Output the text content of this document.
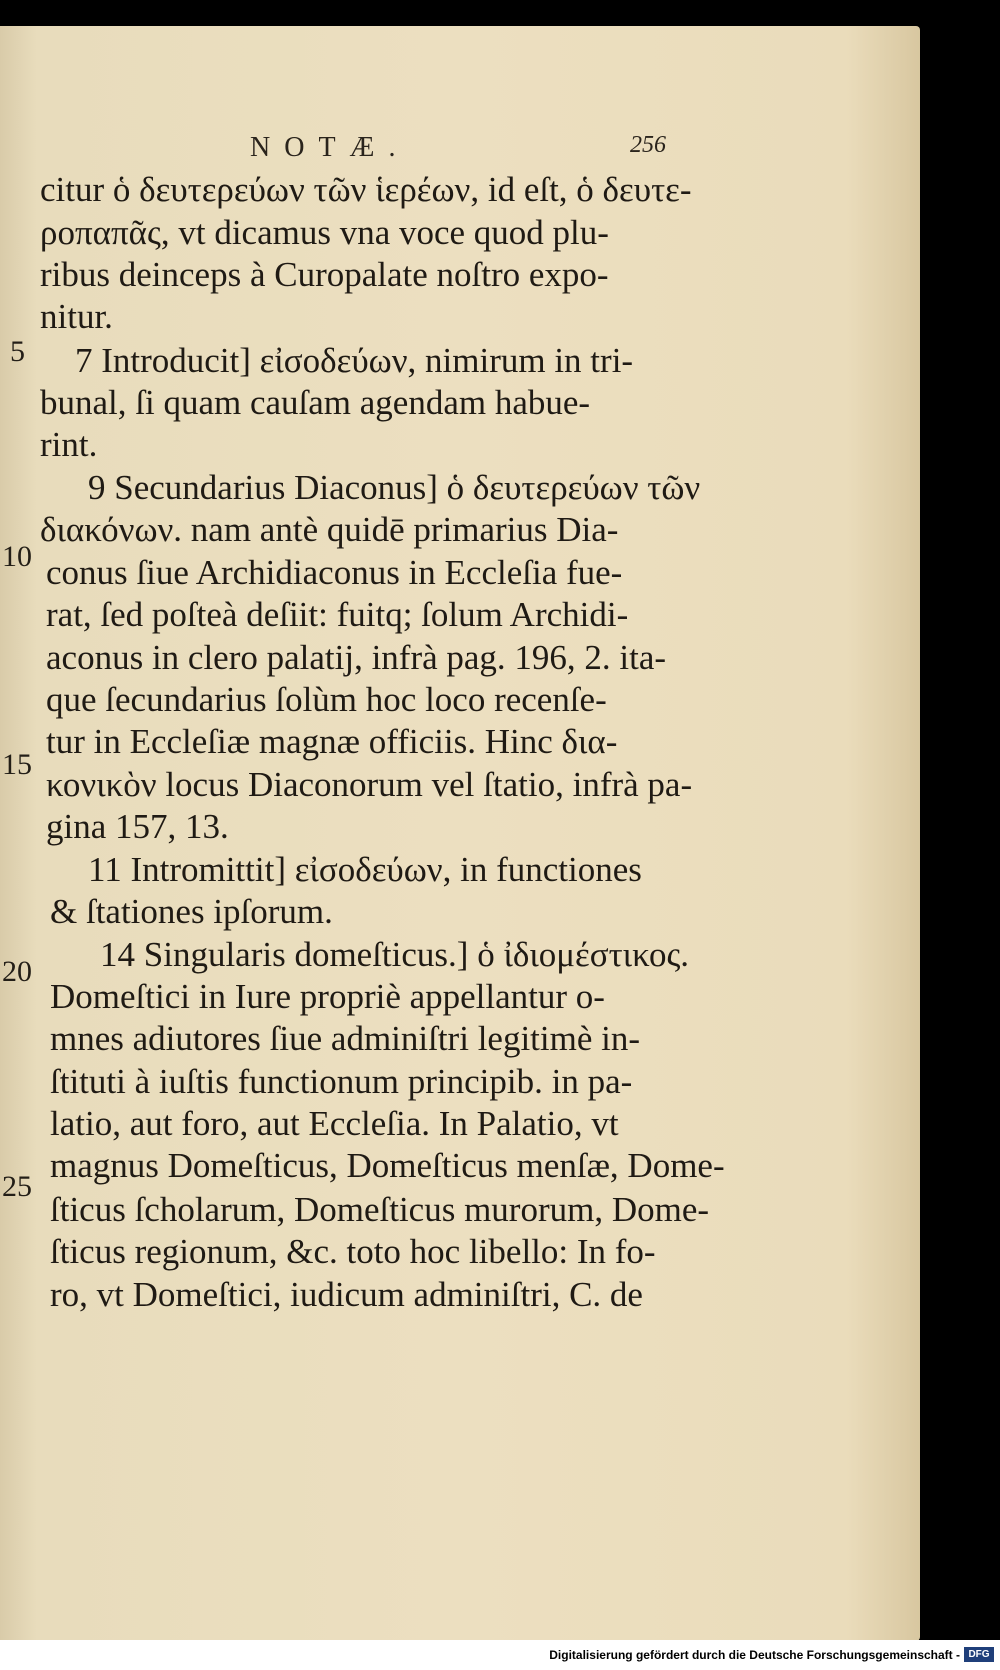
NOTÆ.	256
citur ὁ δευτερεύων τῶν ἱερέων, id eſt, ὁ δευτε-
ροπαπᾶς, vt dicamus vna voce quod plu-
ribus deinceps à Curopalate noſtro expo-
nitur.
7 Introducit] εἰσοδεύων, nimirum in tri-
bunal, ſi quam cauſam agendam habue-
rint.
9 Secundarius Diaconus] ὁ δευτερεύων τῶν
διακόνων. nam antè quidē primarius Dia-
conus ſiue Archidiaconus in Eccleſia fue-
rat, ſed poſteà deſiit: fuitq; ſolum Archidi-
aconus in clero palatij, infrà pag. 196, 2. ita-
que ſecundarius ſolùm hoc loco recenſe-
tur in Eccleſiæ magnæ officiis. Hinc δια-
κονικὸν locus Diaconorum vel ſtatio, infrà pa-
gina 157, 13.
11 Intromittit] εἰσοδεύων, in functiones
& ſtationes ipſorum.
14 Singularis domeſticus.] ὁ ἰδιομέστικος.
Domeſtici in Iure propriè appellantur o-
mnes adiutores ſiue adminiſtri legitimè in-
ſtituti à iuſtis functionum principib. in pa-
latio, aut foro, aut Eccleſia. In Palatio, vt
magnus Domeſticus, Domeſticus menſæ, Dome-
ſticus ſcholarum, Domeſticus murorum, Dome-
ſticus regionum, &c. toto hoc libello: In fo-
ro, vt Domeſtici, iudicum adminiſtri, C. de
5
10
15
20
25
Digitalisierung gefördert durch die Deutsche Forschungsgemeinschaft - DFG
